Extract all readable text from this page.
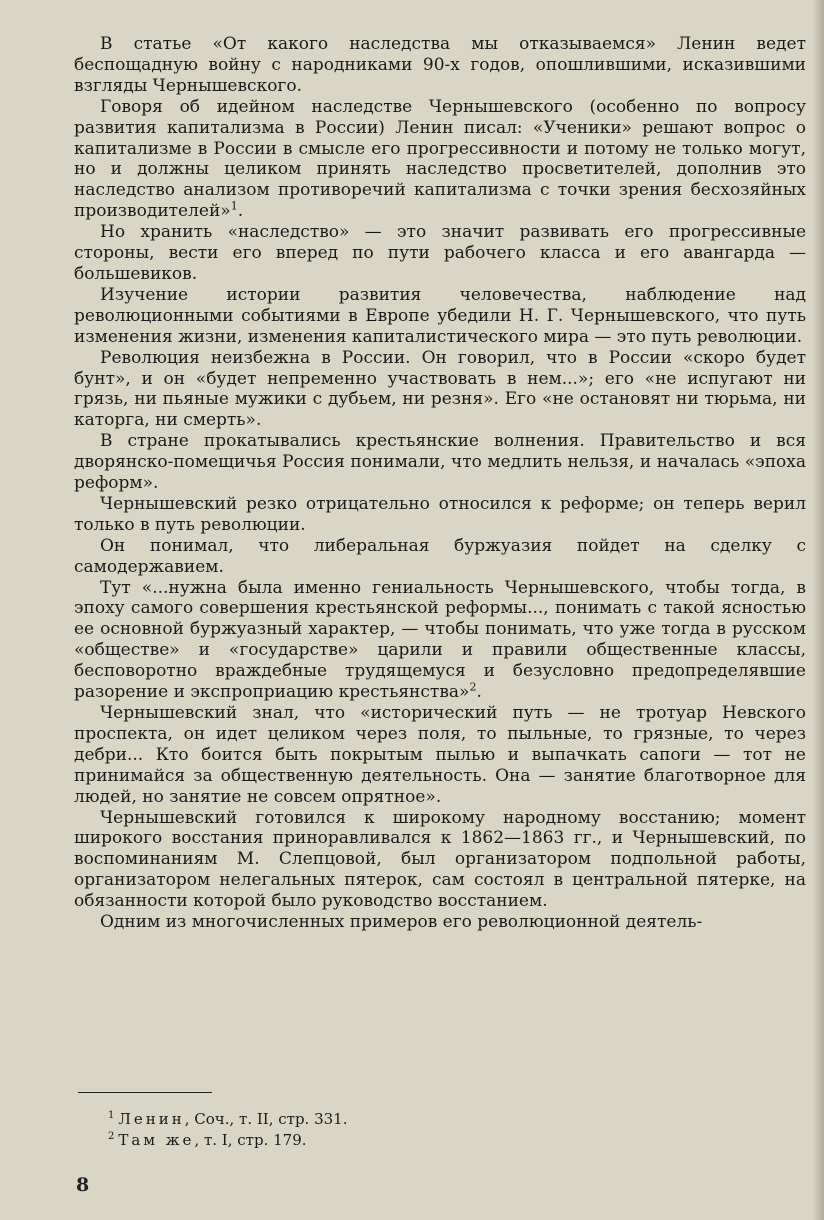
В статье «От какого наследства мы отказываемся» Ленин ведет беспощадную войну с народниками 90-х годов, опошлившими, исказившими взгляды Чернышевского.

Говоря об идейном наследстве Чернышевского (особенно по вопросу развития капитализма в России) Ленин писал: «Ученики» решают вопрос о капитализме в России в смысле его прогрессивности и потому не только могут, но и должны целиком принять наследство просветителей, дополнив это наследство анализом противоречий капитализма с точки зрения бесхозяйных производителей»$^1$.

Но хранить «наследство» — это значит развивать его прогрессивные стороны, вести его вперед по пути рабочего класса и его авангарда — большевиков.

Изучение истории развития человечества, наблюдение над революционными событиями в Европе убедили Н. Г. Чернышевского, что путь изменения жизни, изменения капиталистического мира — это путь революции.

Революция неизбежна в России. Он говорил, что в России «скоро будет бунт», и он «будет непременно участвовать в нем...»; его «не испугают ни грязь, ни пьяные мужики с дубьем, ни резня». Его «не остановят ни тюрьма, ни каторга, ни смерть».

В стране прокатывались крестьянские волнения. Правительство и вся дворянско-помещичья Россия понимали, что медлить нельзя, и началась «эпоха реформ».

Чернышевский резко отрицательно относился к реформе; он теперь верил только в путь революции.

Он понимал, что либеральная буржуазия пойдет на сделку с самодержавием.

Тут «...нужна была именно гениальность Чернышевского, чтобы тогда, в эпоху самого совершения крестьянской реформы..., понимать с такой ясностью ее основной буржуазный характер, — чтобы понимать, что уже тогда в русском «обществе» и «государстве» царили и правили общественные классы, бесповоротно враждебные трудящемуся и безусловно предопределявшие разорение и экспроприацию крестьянства»$^2$.

Чернышевский знал, что «исторический путь — не тротуар Невского проспекта, он идет целиком через поля, то пыльные, то грязные, то через дебри... Кто боится быть покрытым пылью и выпачкать сапоги — тот не принимайся за общественную деятельность. Она — занятие благотворное для людей, но занятие не совсем опрятное».

Чернышевский готовился к широкому народному восстанию; момент широкого восстания приноравливался к 1862—1863 гг., и Чернышевский, по воспоминаниям М. Слепцовой, был организатором подпольной работы, организатором нелегальных пятерок, сам состоял в центральной пятерке, на обязанности которой было руководство восстанием.

Одним из многочисленных примеров его революционной деятель-

$^1$ Ленин, Соч., т. II, стр. 331.
$^2$ Там же, т. I, стр. 179.
8
